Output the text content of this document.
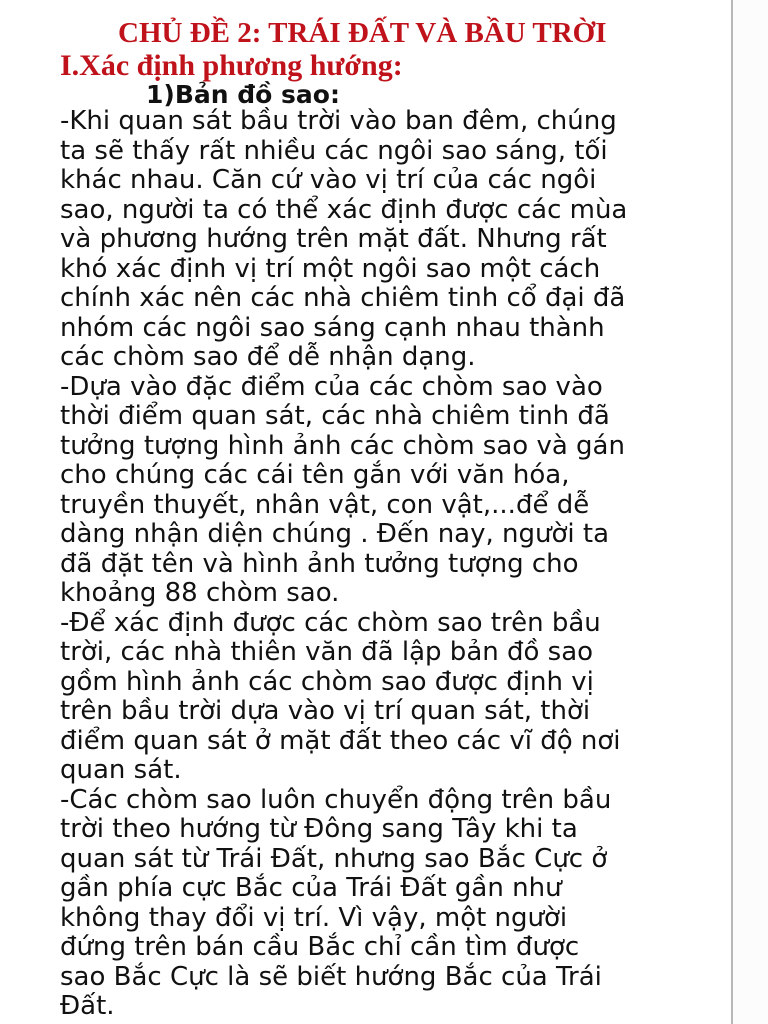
CHỦ ĐỀ 2: TRÁI ĐẤT VÀ BẦU TRỜI
I.Xác định phương hướng:
1)Bản đồ sao:

-Khi quan sát bầu trời vào ban đêm, chúng
ta sẽ thấy rất nhiều các ngôi sao sáng, tối
khác nhau. Căn cứ vào vị trí của các ngôi
sao, người ta có thể xác định được các mùa
và phương hướng trên mặt đất. Nhưng rất
khó xác định vị trí một ngôi sao một cách
chính xác nên các nhà chiêm tinh cổ đại đã
nhóm các ngôi sao sáng cạnh nhau thành
các chòm sao để dễ nhận dạng.
-Dựa vào đặc điểm của các chòm sao vào
thời điểm quan sát, các nhà chiêm tinh đã
tưởng tượng hình ảnh các chòm sao và gán
cho chúng các cái tên gắn với văn hóa,
truyền thuyết, nhân vật, con vật,...để dễ
dàng nhận diện chúng . Đến nay, người ta
đã đặt tên và hình ảnh tưởng tượng cho
khoảng 88 chòm sao.
-Để xác định được các chòm sao trên bầu
trời, các nhà thiên văn đã lập bản đồ sao
gồm hình ảnh các chòm sao được định vị
trên bầu trời dựa vào vị trí quan sát, thời
điểm quan sát ở mặt đất theo các vĩ độ nơi
quan sát.
-Các chòm sao luôn chuyển động trên bầu
trời theo hướng từ Đông sang Tây khi ta
quan sát từ Trái Đất, nhưng sao Bắc Cực ở
gần phía cực Bắc của Trái Đất gần như
không thay đổi vị trí. Vì vậy, một người
đứng trên bán cầu Bắc chỉ cần tìm được
sao Bắc Cực là sẽ biết hướng Bắc của Trái
Đất.
